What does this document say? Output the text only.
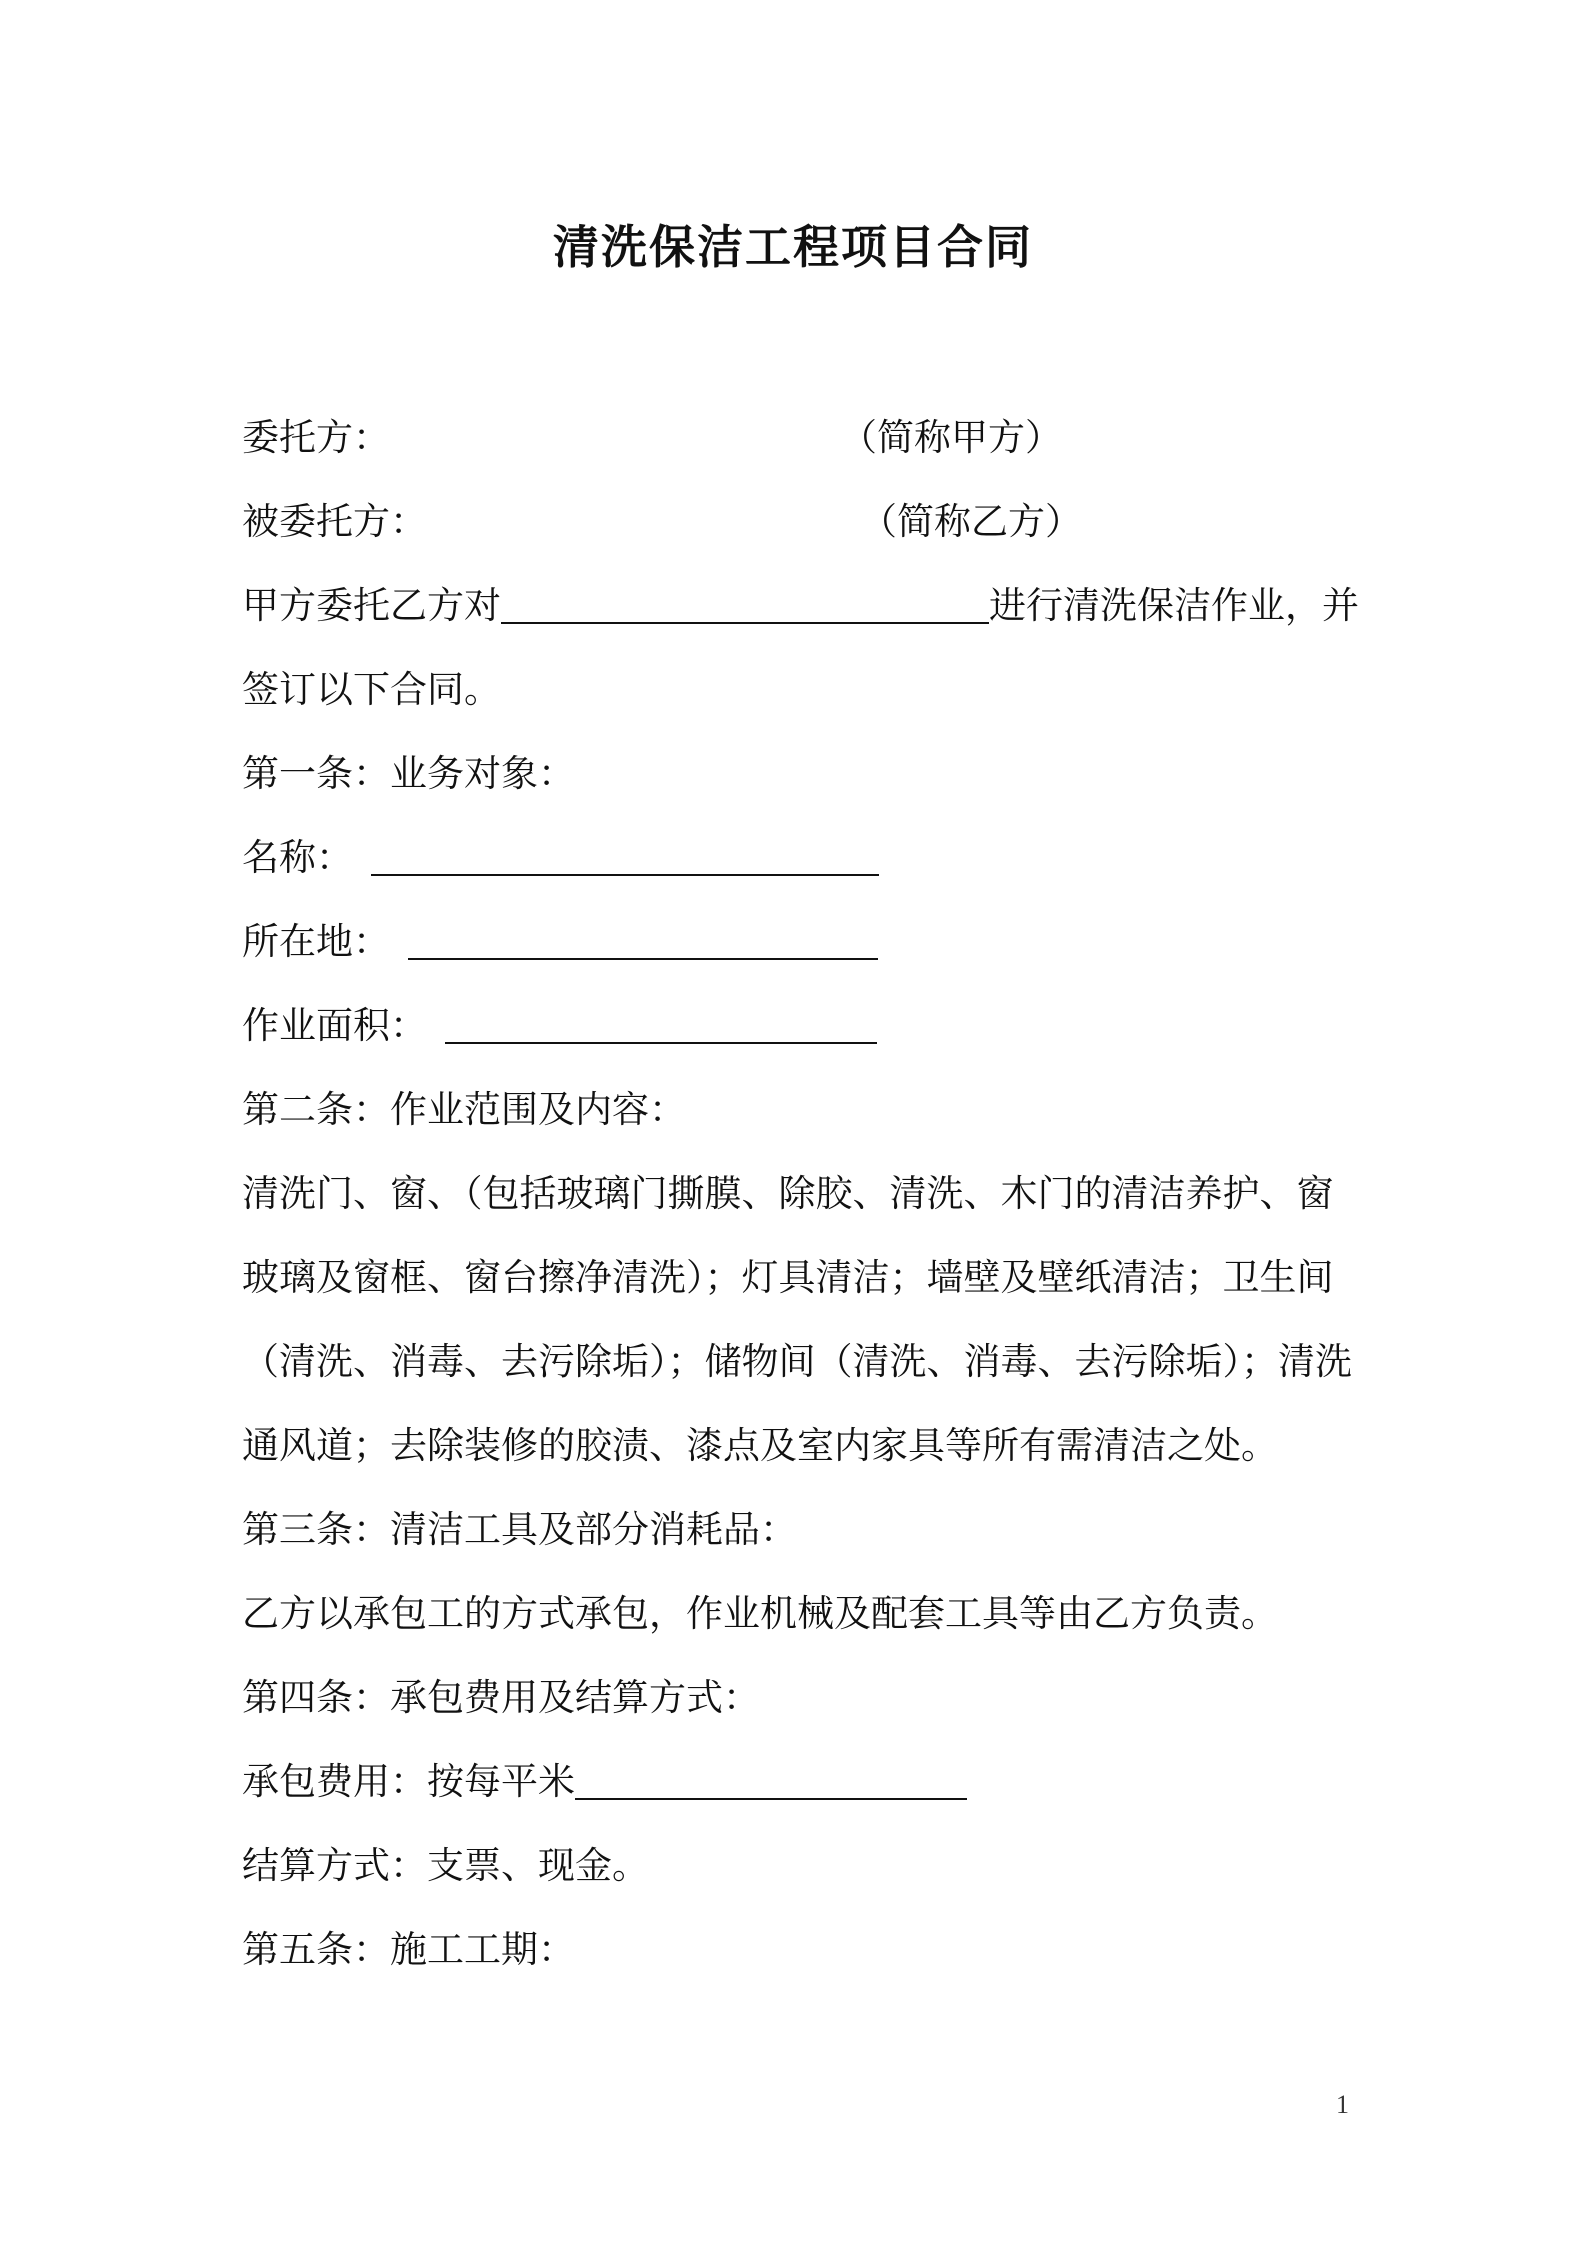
清洗保洁工程项目合同
委托方：	（简称甲方）
被委托方：	（简称乙方）
甲方委托乙方对	进行清洗保洁作业，并
签订以下合同。
第一条：业务对象：
名称：
所在地：
作业面积：
第二条：作业范围及内容：
清洗门、窗、（包括玻璃门撕膜、除胶、清洗、木门的清洁养护、窗
玻璃及窗框、窗台擦净清洗）；灯具清洁；墙壁及壁纸清洁；卫生间
（清洗、消毒、去污除垢）；储物间（清洗、消毒、去污除垢）；清洗
通风道；去除装修的胶渍、漆点及室内家具等所有需清洁之处。
第三条：清洁工具及部分消耗品：
乙方以承包工的方式承包，作业机械及配套工具等由乙方负责。
第四条：承包费用及结算方式：
承包费用：按每平米
结算方式：支票、现金。
第五条：施工工期：
1
